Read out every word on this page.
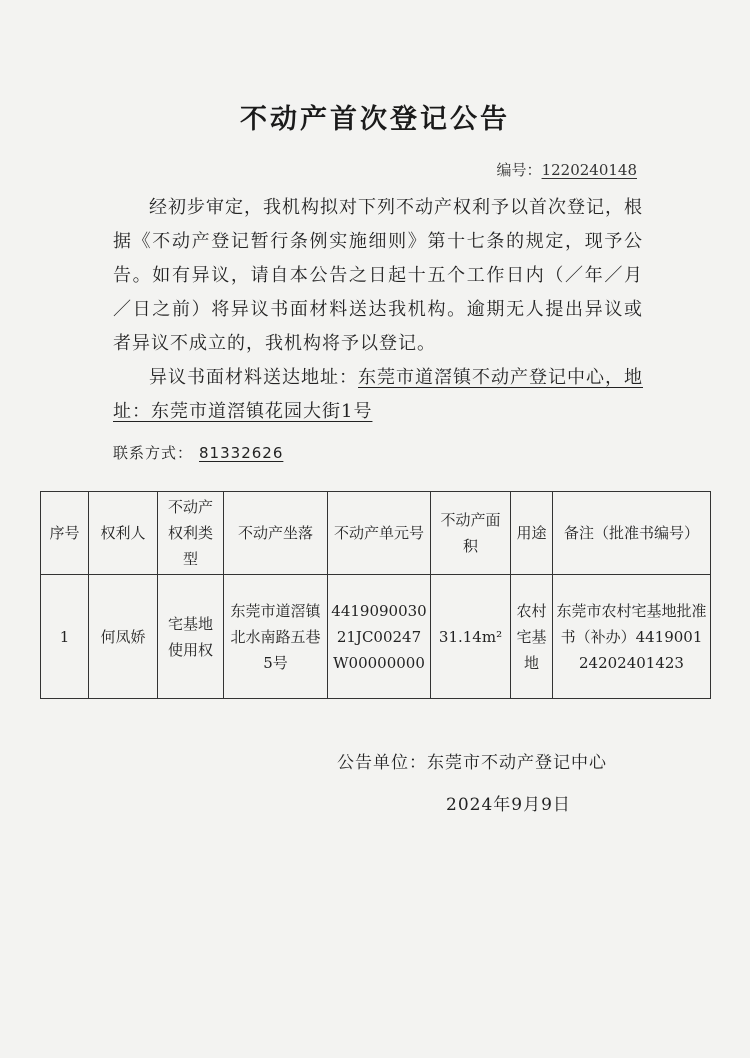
不动产首次登记公告
编号：1220240148

经初步审定，我机构拟对下列不动产权利予以首次登记，根据《不动产登记暂行条例实施细则》第十七条的规定，现予公告。如有异议，请自本公告之日起十五个工作日内（／年／月／日之前）将异议书面材料送达我机构。逾期无人提出异议或者异议不成立的，我机构将予以登记。

异议书面材料送达地址：东莞市道滘镇不动产登记中心，地址：东莞市道滘镇花园大街1号

联系方式： 81332626
序号	权利人	不动产权利类型	不动产坐落	不动产单元号	不动产面积	用途	备注（批准书编号）
1	何凤娇	宅基地使用权	东莞市道滘镇北水南路五巷5号	441909003021JC00247W00000000	31.14m²	农村宅基地	东莞市农村宅基地批准书（补办）441900124202401423
公告单位：东莞市不动产登记中心
2024年9月9日
